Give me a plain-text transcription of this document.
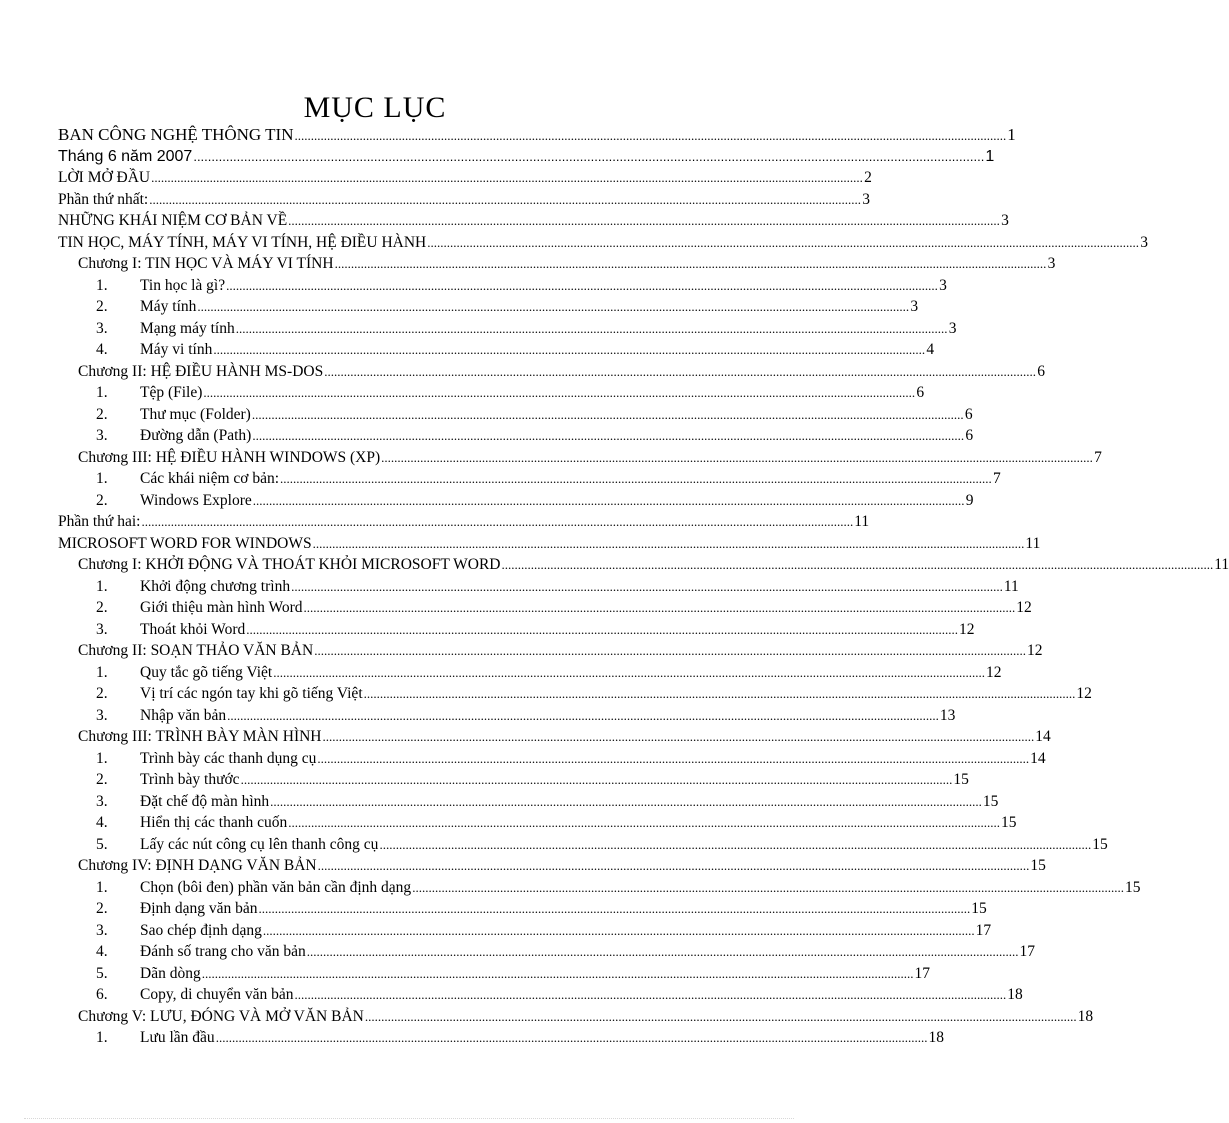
MỤC LỤC
BAN CÔNG NGHỆ THÔNG TIN ........................................................................................................................................................................................................................... 1
Tháng 6 năm 2007 ........................................................................................................................................................................................................................... 1
LỜI MỞ ĐẦU ........................................................................................................................................................................................................................... 2
Phần thứ nhất: ........................................................................................................................................................................................................................... 3
NHỮNG KHÁI NIỆM CƠ BẢN VỀ ........................................................................................................................................................................................................................... 3
TIN HỌC, MÁY TÍNH, MÁY VI TÍNH, HỆ ĐIỀU HÀNH ........................................................................................................................................................................................................................... 3
Chương I: TIN HỌC VÀ MÁY VI TÍNH ........................................................................................................................................................................................................................... 3
1.	Tin học là gì? ........................................................................................................................................................................................................................... 3
2.	Máy tính ........................................................................................................................................................................................................................... 3
3.	Mạng máy tính ........................................................................................................................................................................................................................... 3
4.	Máy vi tính ........................................................................................................................................................................................................................... 4
Chương II: HỆ ĐIỀU HÀNH MS-DOS ........................................................................................................................................................................................................................... 6
1.	Tệp (File) ........................................................................................................................................................................................................................... 6
2.	Thư mục (Folder) ........................................................................................................................................................................................................................... 6
3.	Đường dẫn (Path) ........................................................................................................................................................................................................................... 6
Chương III: HỆ ĐIỀU HÀNH WINDOWS (XP) ........................................................................................................................................................................................................................... 7
1.	Các khái niệm cơ bản: ........................................................................................................................................................................................................................... 7
2.	Windows Explore ........................................................................................................................................................................................................................... 9
Phần thứ hai: ........................................................................................................................................................................................................................... 11
MICROSOFT WORD FOR WINDOWS ........................................................................................................................................................................................................................... 11
Chương I: KHỞI ĐỘNG VÀ THOÁT KHỎI MICROSOFT WORD ........................................................................................................................................................................................................................... 11
1.	Khởi động chương trình ........................................................................................................................................................................................................................... 11
2.	Giới thiệu màn hình Word ........................................................................................................................................................................................................................... 12
3.	Thoát khỏi Word ........................................................................................................................................................................................................................... 12
Chương II: SOẠN THẢO VĂN BẢN ........................................................................................................................................................................................................................... 12
1.	Quy tắc gõ tiếng Việt ........................................................................................................................................................................................................................... 12
2.	Vị trí các ngón tay khi gõ tiếng Việt ........................................................................................................................................................................................................................... 12
3.	Nhập văn bản ........................................................................................................................................................................................................................... 13
Chương III: TRÌNH BÀY MÀN HÌNH ........................................................................................................................................................................................................................... 14
1.	Trình bày các thanh dụng cụ ........................................................................................................................................................................................................................... 14
2.	Trình bày thước ........................................................................................................................................................................................................................... 15
3.	Đặt chế độ màn hình ........................................................................................................................................................................................................................... 15
4.	Hiển thị các thanh cuốn ........................................................................................................................................................................................................................... 15
5.	Lấy các nút công cụ lên thanh công cụ ........................................................................................................................................................................................................................... 15
Chương IV: ĐỊNH DẠNG VĂN BẢN ........................................................................................................................................................................................................................... 15
1.	Chọn (bôi đen) phần văn bản cần định dạng ........................................................................................................................................................................................................................... 15
2.	Định dạng văn bản ........................................................................................................................................................................................................................... 15
3.	Sao chép định dạng ........................................................................................................................................................................................................................... 17
4.	Đánh số trang cho văn bản ........................................................................................................................................................................................................................... 17
5.	Dãn dòng ........................................................................................................................................................................................................................... 17
6.	Copy, di chuyển văn bản ........................................................................................................................................................................................................................... 18
Chương V: LƯU, ĐÓNG VÀ MỞ VĂN BẢN ........................................................................................................................................................................................................................... 18
1.	Lưu lần đầu ........................................................................................................................................................................................................................... 18
